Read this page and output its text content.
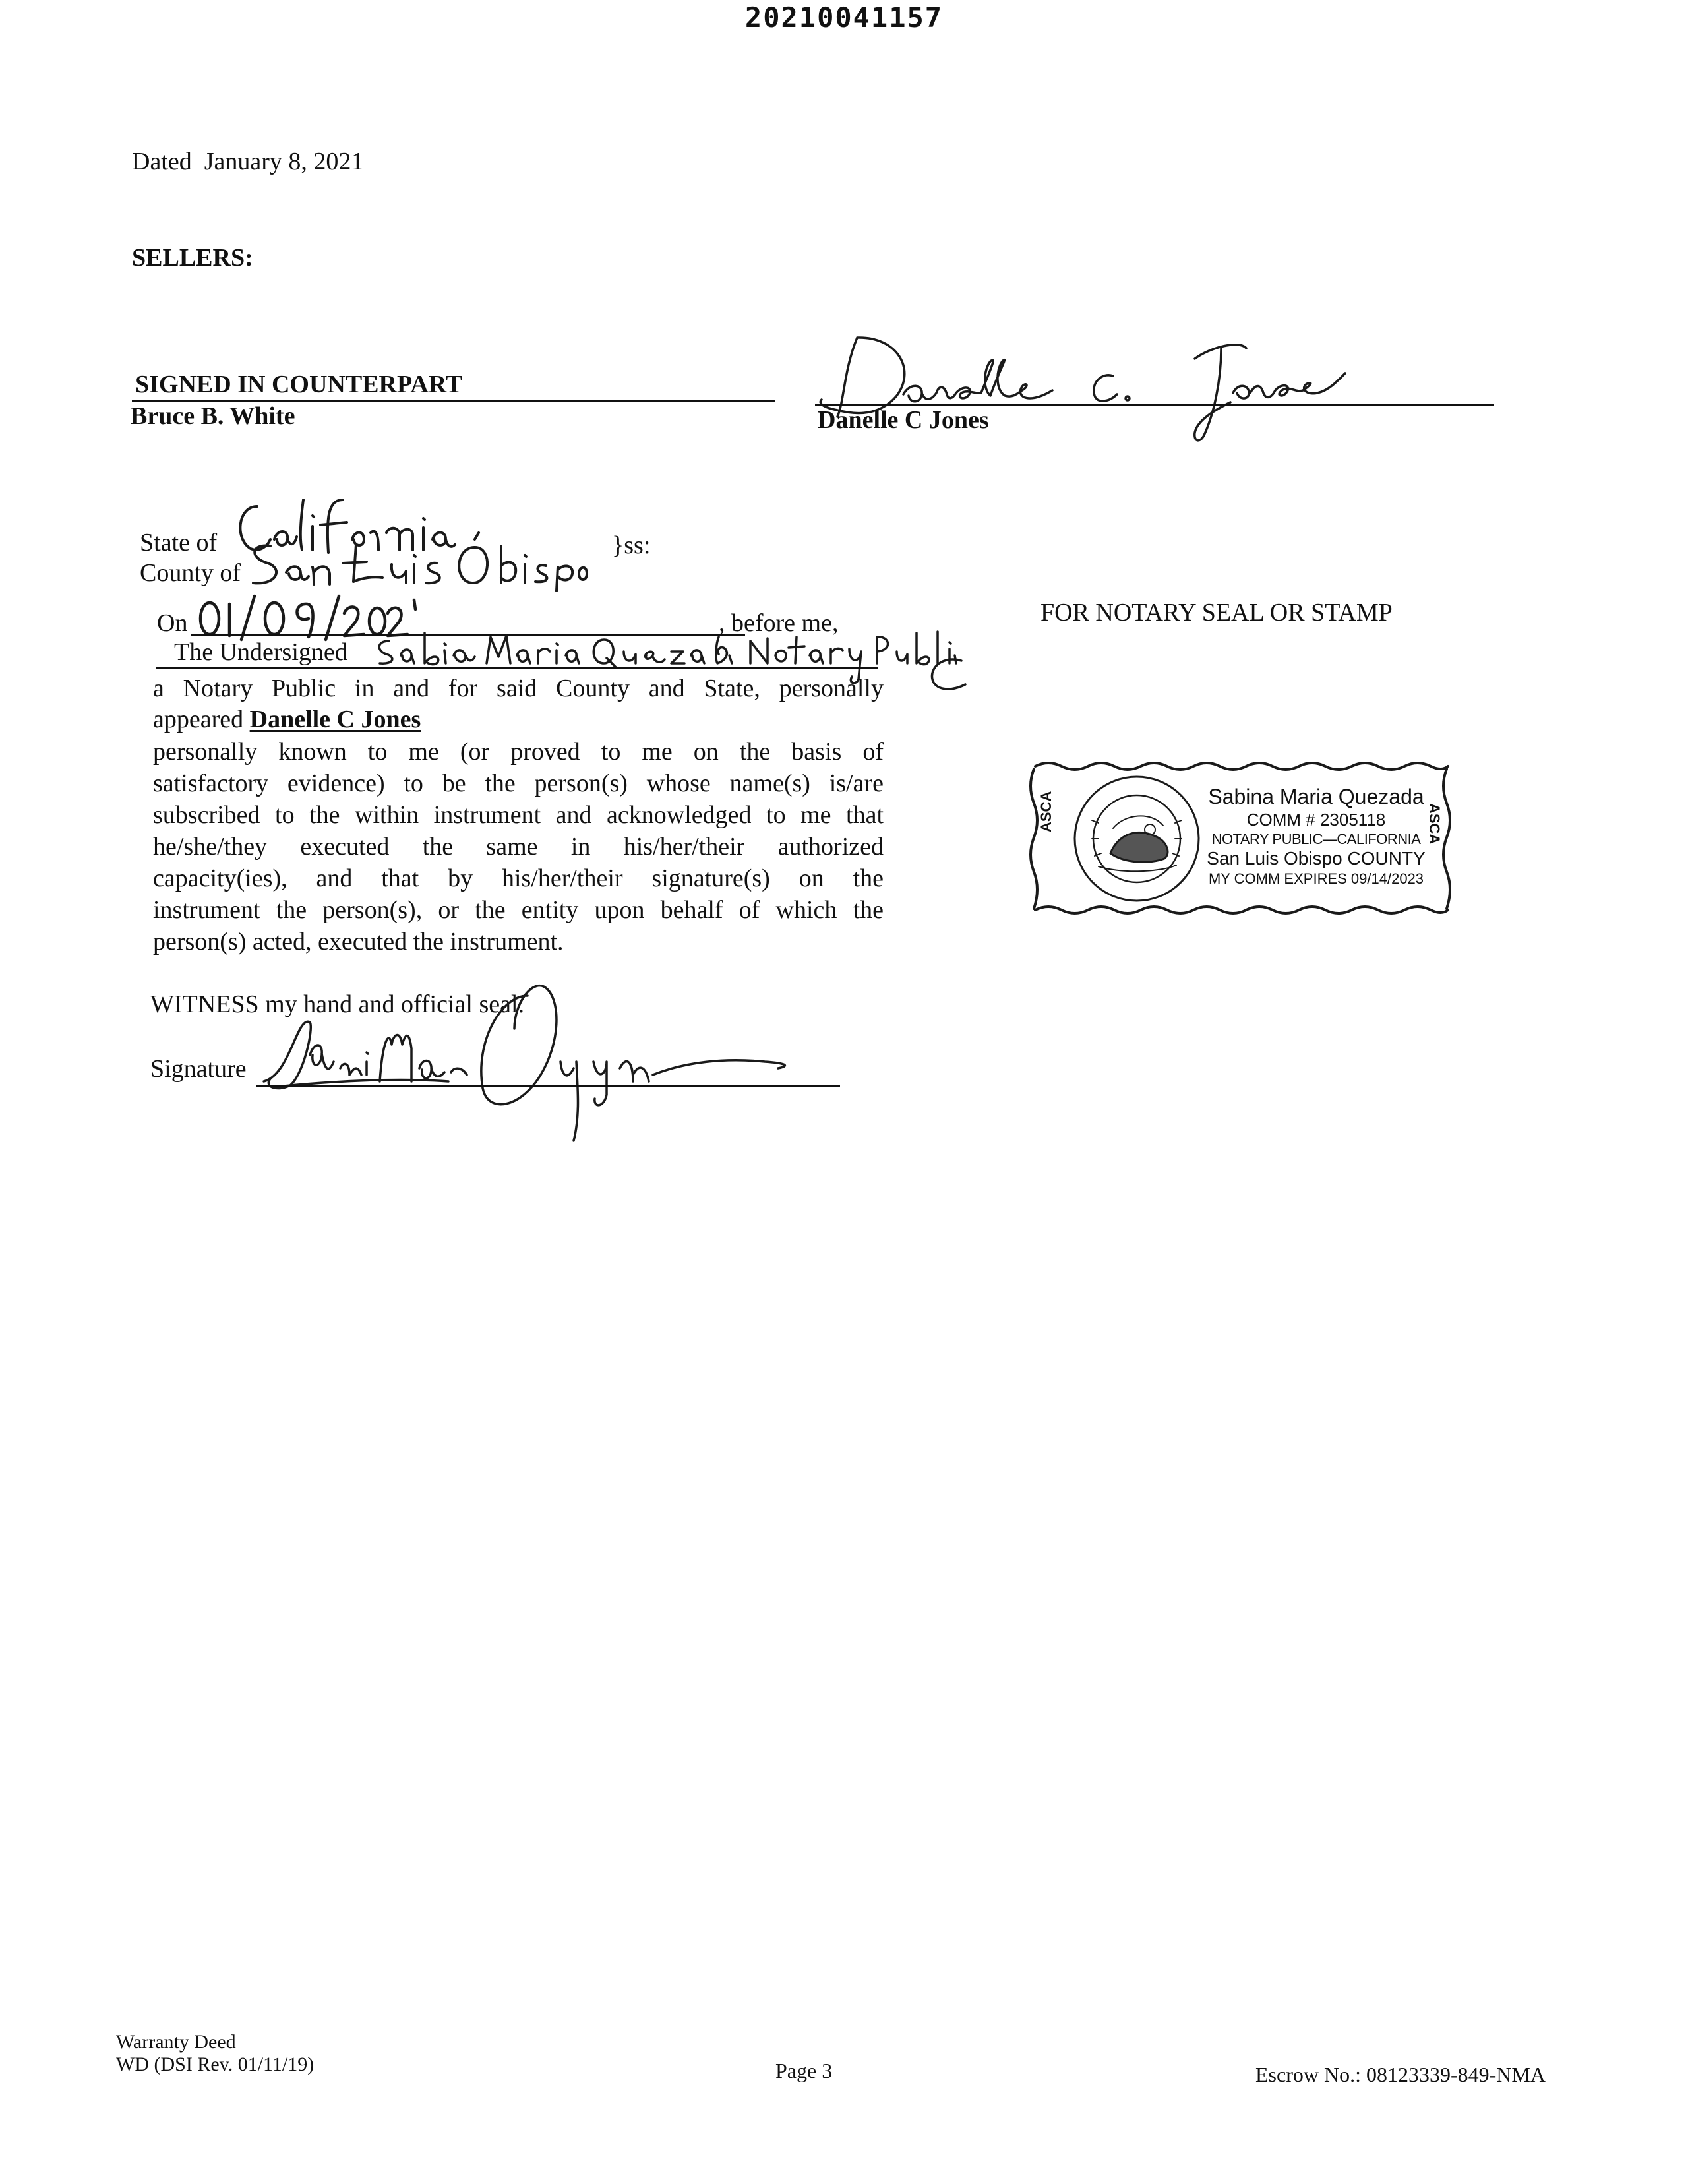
20210041157
Dated January 8, 2021
SELLERS:
SIGNED IN COUNTERPART
Bruce B. White	Danelle C Jones
State of	}ss:
County of
On	, before me,
The Undersigned
a Notary Public in and for said County and State, personally
appeared Danelle C Jones
personally known to me (or proved to me on the basis of
satisfactory evidence) to be the person(s) whose name(s) is/are
subscribed to the within instrument and acknowledged to me that
he/she/they executed the same in his/her/their authorized
capacity(ies), and that by his/her/their signature(s) on the
instrument the person(s), or the entity upon behalf of which the
person(s) acted, executed the instrument.
WITNESS my hand and official seal.
Signature
FOR NOTARY SEAL OR STAMP
ASCA	ASCA
Sabina Maria Quezada
COMM # 2305118
NOTARY PUBLIC—CALIFORNIA
San Luis Obispo COUNTY
MY COMM EXPIRES 09/14/2023
Warranty Deed
WD (DSI Rev. 01/11/19)	Page 3	Escrow No.: 08123339-849-NMA
